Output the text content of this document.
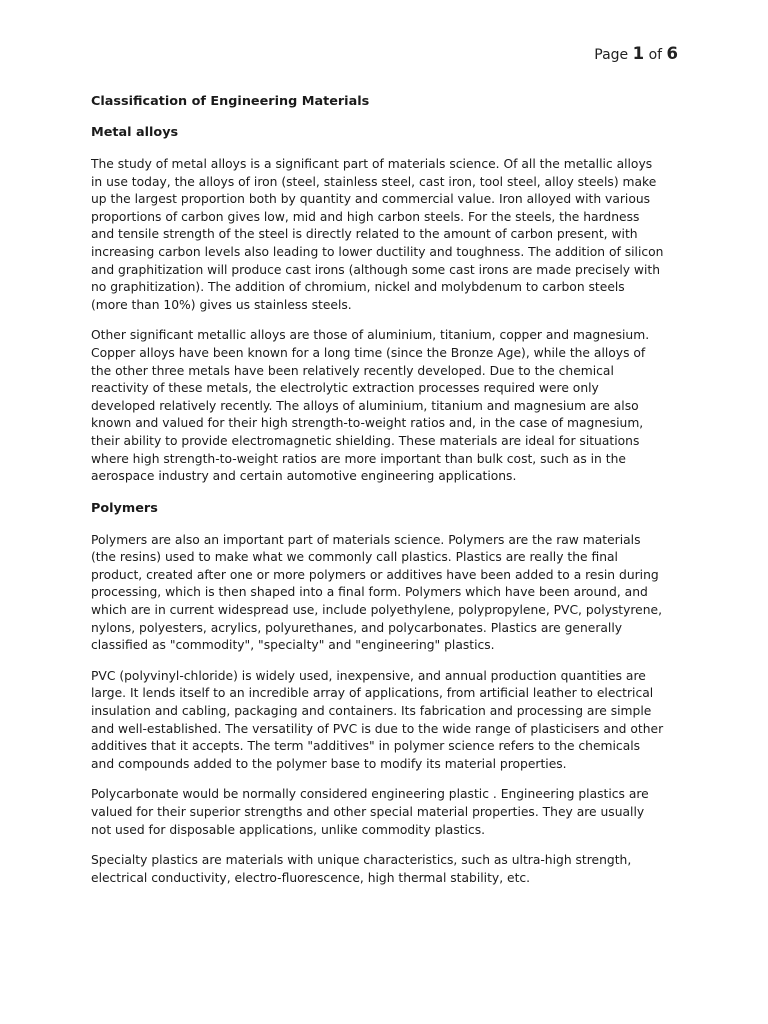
Page 1 of 6
Classification of Engineering Materials
Metal alloys
The study of metal alloys is a significant part of materials science. Of all the metallic alloys
in use today, the alloys of iron (steel, stainless steel, cast iron, tool steel, alloy steels) make
up the largest proportion both by quantity and commercial value. Iron alloyed with various
proportions of carbon gives low, mid and high carbon steels. For the steels, the hardness
and tensile strength of the steel is directly related to the amount of carbon present, with
increasing carbon levels also leading to lower ductility and toughness. The addition of silicon
and graphitization will produce cast irons (although some cast irons are made precisely with
no graphitization). The addition of chromium, nickel and molybdenum to carbon steels
(more than 10%) gives us stainless steels.
Other significant metallic alloys are those of aluminium, titanium, copper and magnesium.
Copper alloys have been known for a long time (since the Bronze Age), while the alloys of
the other three metals have been relatively recently developed. Due to the chemical
reactivity of these metals, the electrolytic extraction processes required were only
developed relatively recently. The alloys of aluminium, titanium and magnesium are also
known and valued for their high strength-to-weight ratios and, in the case of magnesium,
their ability to provide electromagnetic shielding. These materials are ideal for situations
where high strength-to-weight ratios are more important than bulk cost, such as in the
aerospace industry and certain automotive engineering applications.
Polymers
Polymers are also an important part of materials science. Polymers are the raw materials
(the resins) used to make what we commonly call plastics. Plastics are really the final
product, created after one or more polymers or additives have been added to a resin during
processing, which is then shaped into a final form. Polymers which have been around, and
which are in current widespread use, include polyethylene, polypropylene, PVC, polystyrene,
nylons, polyesters, acrylics, polyurethanes, and polycarbonates. Plastics are generally
classified as "commodity", "specialty" and "engineering" plastics.
PVC (polyvinyl-chloride) is widely used, inexpensive, and annual production quantities are
large. It lends itself to an incredible array of applications, from artificial leather to electrical
insulation and cabling, packaging and containers. Its fabrication and processing are simple
and well-established. The versatility of PVC is due to the wide range of plasticisers and other
additives that it accepts. The term "additives" in polymer science refers to the chemicals
and compounds added to the polymer base to modify its material properties.
Polycarbonate would be normally considered engineering plastic . Engineering plastics are
valued for their superior strengths and other special material properties. They are usually
not used for disposable applications, unlike commodity plastics.
Specialty plastics are materials with unique characteristics, such as ultra-high strength,
electrical conductivity, electro-fluorescence, high thermal stability, etc.
